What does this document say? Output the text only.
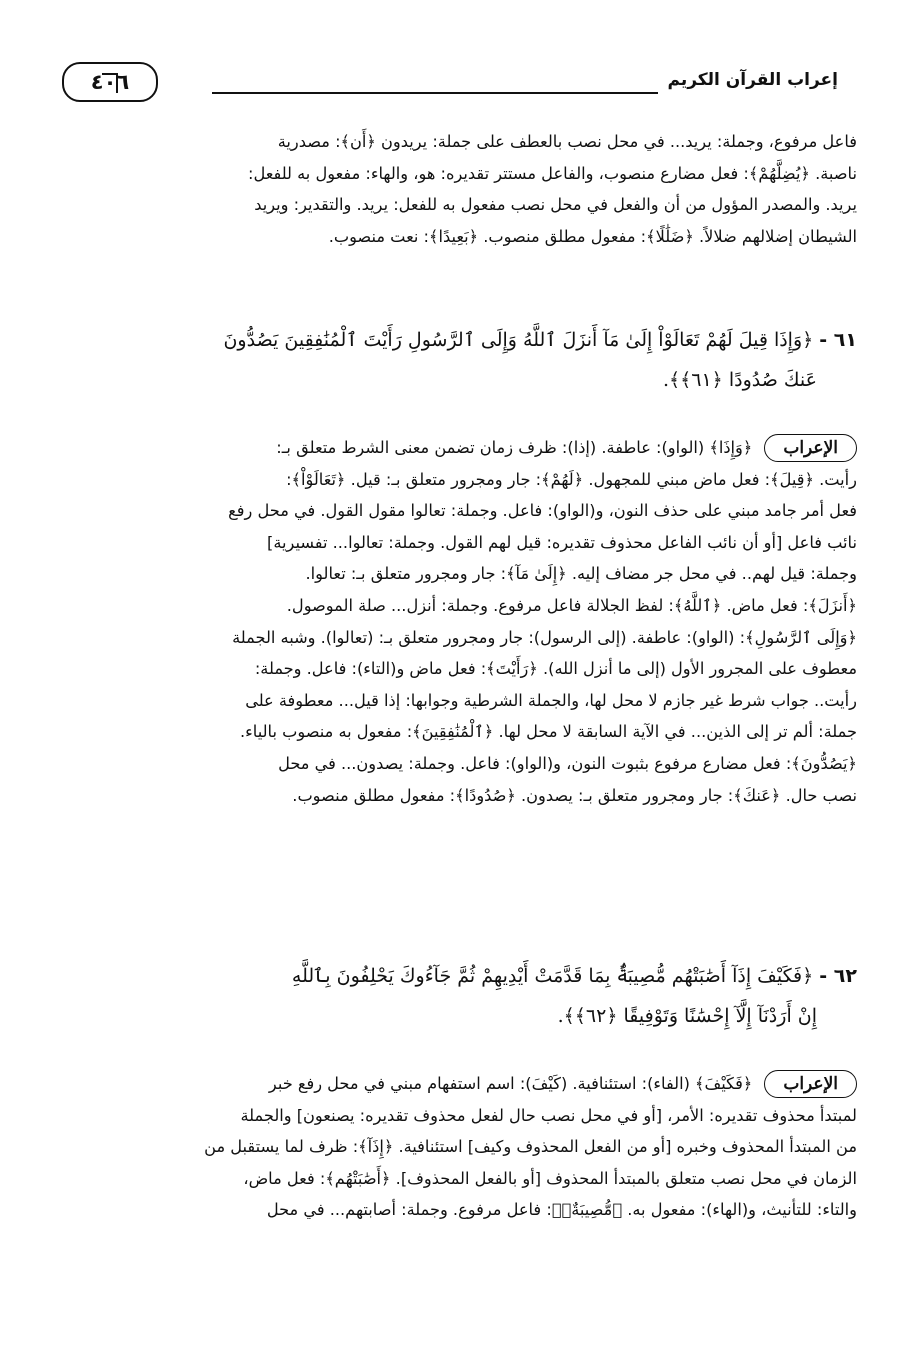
٤٠٦	إعراب القرآن الكريم

فاعل مرفوع، وجملة: يريد... في محل نصب بالعطف على جملة: يريدون ﴿أَن﴾: مصدرية

ناصبة. ﴿يُضِلَّهُمْ﴾: فعل مضارع منصوب، والفاعل مستتر تقديره: هو، والهاء: مفعول به للفعل:

يريد. والمصدر المؤول من أن والفعل في محل نصب مفعول به للفعل: يريد. والتقدير: ويريد

الشيطان إضلالهم ضلالاً. ﴿ضَلَٰلًا﴾: مفعول مطلق منصوب. ﴿بَعِيدًا﴾: نعت منصوب.

٦١ -﴿وَإِذَا قِيلَ لَهُمْ تَعَالَوْاْ إِلَىٰ مَآ أَنزَلَ ٱللَّهُ وَإِلَى ٱلرَّسُولِ رَأَيْتَ ٱلْمُنَٰفِقِينَ يَصُدُّونَ
عَنكَ صُدُودًا ﴿٦١﴾﴾.
الإعراب

﴿وَإِذَا﴾ (الواو): عاطفة. (إذا): ظرف زمان تضمن معنى الشرط متعلق بـ:

رأيت. ﴿قِيلَ﴾: فعل ماض مبني للمجهول. ﴿لَهُمْ﴾: جار ومجرور متعلق بـ: قيل. ﴿تَعَالَوْاْ﴾:

فعل أمر جامد مبني على حذف النون، و(الواو): فاعل. وجملة: تعالوا مقول القول. في محل رفع

نائب فاعل [أو أن نائب الفاعل محذوف تقديره: قيل لهم القول. وجملة: تعالوا... تفسيرية]

وجملة: قيل لهم.. في محل جر مضاف إليه. ﴿إِلَىٰ مَآ﴾: جار ومجرور متعلق بـ: تعالوا.

﴿أَنزَلَ﴾: فعل ماض. ﴿ٱللَّهُ﴾: لفظ الجلالة فاعل مرفوع. وجملة: أنزل... صلة الموصول.

﴿وَإِلَى ٱلرَّسُولِ﴾: (الواو): عاطفة. (إلى الرسول): جار ومجرور متعلق بـ: (تعالوا). وشبه الجملة

معطوف على المجرور الأول (إلى ما أنزل الله). ﴿رَأَيْتَ﴾: فعل ماض و(التاء): فاعل. وجملة:

رأيت.. جواب شرط غير جازم لا محل لها، والجملة الشرطية وجوابها: إذا قيل... معطوفة على

جملة: ألم تر إلى الذين... في الآية السابقة لا محل لها. ﴿ٱلْمُنَٰفِقِينَ﴾: مفعول به منصوب بالياء.

﴿يَصُدُّونَ﴾: فعل مضارع مرفوع بثبوت النون، و(الواو): فاعل. وجملة: يصدون... في محل

نصب حال. ﴿عَنكَ﴾: جار ومجرور متعلق بـ: يصدون. ﴿صُدُودًا﴾: مفعول مطلق منصوب.

٦٢ -﴿فَكَيْفَ إِذَآ أَصَٰبَتْهُم مُّصِيبَةٌۢ بِمَا قَدَّمَتْ أَيْدِيهِمْ ثُمَّ جَآءُوكَ يَحْلِفُونَ بِٱللَّهِ
إِنْ أَرَدْنَآ إِلَّآ إِحْسَٰنًا وَتَوْفِيقًا ﴿٦٢﴾﴾.
الإعراب

﴿فَكَيْفَ﴾ (الفاء): استئنافية. (كَيْفَ): اسم استفهام مبني في محل رفع خبر

لمبتدأ محذوف تقديره: الأمر، [أو في محل نصب حال لفعل محذوف تقديره: يصنعون] والجملة

من المبتدأ المحذوف وخبره [أو من الفعل المحذوف وكيف] استئنافية. ﴿إِذَآ﴾: ظرف لما يستقبل من

الزمان في محل نصب متعلق بالمبتدأ المحذوف [أو بالفعل المحذوف]. ﴿أَصَٰبَتْهُم﴾: فعل ماض،

والتاء: للتأنيث، و(الهاء): مفعول به. ﴿مُّصِيبَةٌۢ﴾: فاعل مرفوع. وجملة: أصابتهم... في محل
